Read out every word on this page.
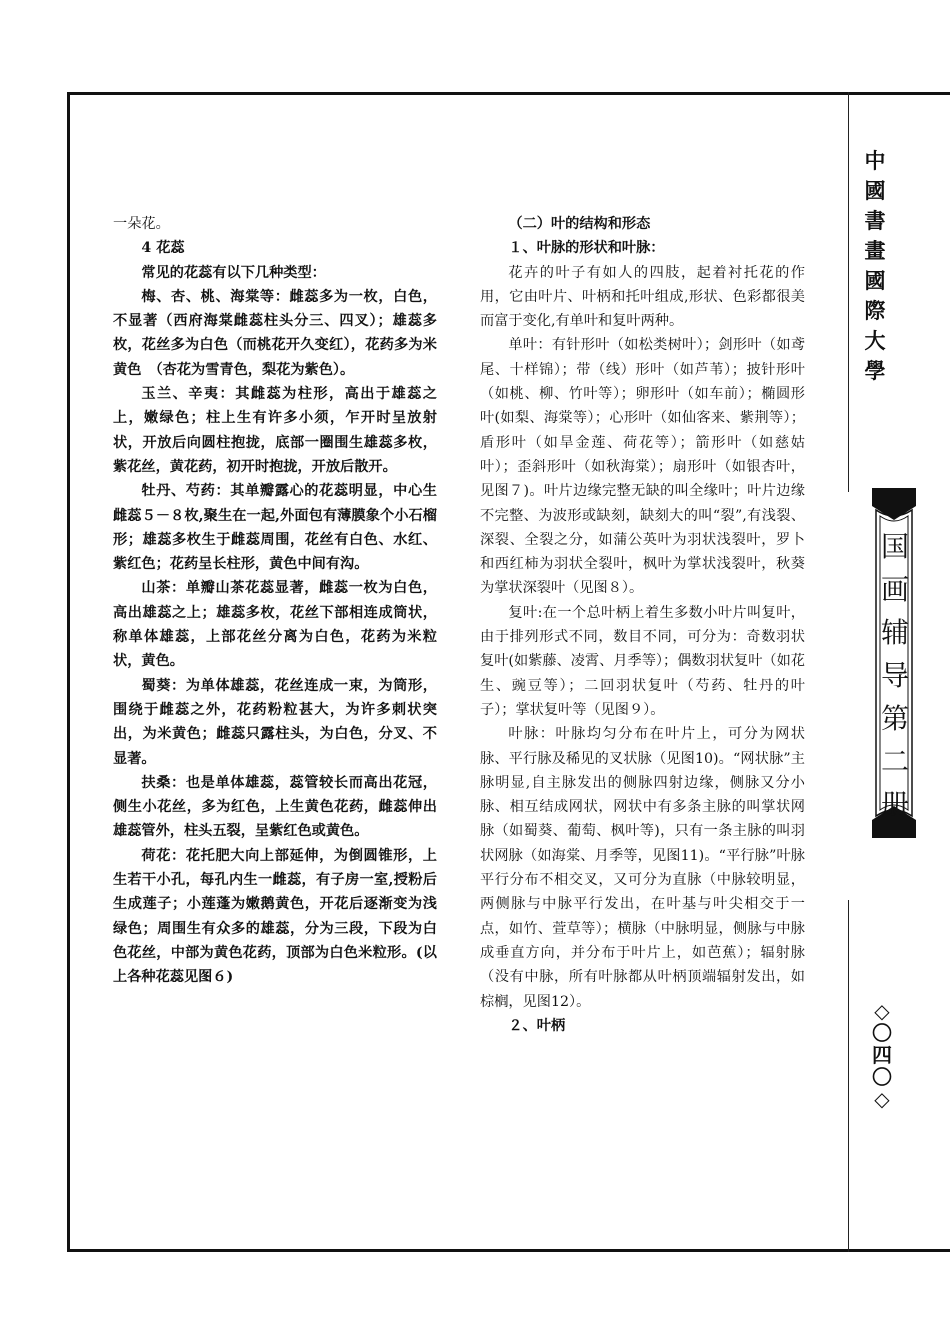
一朵花。

4 花蕊

常见的花蕊有以下几种类型：

梅、杏、桃、海棠等：雌蕊多为一枚，白色，不显著（西府海棠雌蕊柱头分三、四叉）；雄蕊多枚，花丝多为白色（而桃花开久变红），花药多为米黄色　（杏花为雪青色，梨花为紫色）。

玉兰、辛夷：其雌蕊为柱形，高出于雄蕊之上，嫩绿色；柱上生有许多小须，乍开时呈放射状，开放后向圆柱抱拢，底部一圈围生雄蕊多枚，紫花丝，黄花药，初开时抱拢，开放后散开。

牡丹、芍药：其单瓣露心的花蕊明显，中心生雌蕊５－８枚,聚生在一起,外面包有薄膜象个小石榴形；雄蕊多枚生于雌蕊周围，花丝有白色、水红、紫红色；花药呈长柱形，黄色中间有沟。

山茶：单瓣山茶花蕊显著，雌蕊一枚为白色，高出雄蕊之上；雄蕊多枚，花丝下部相连成筒状，称单体雄蕊，上部花丝分离为白色，花药为米粒状，黄色。

蜀葵：为单体雄蕊，花丝连成一束，为筒形，围绕于雌蕊之外，花药粉粒甚大，为许多刺状突出，为米黄色；雌蕊只露柱头，为白色，分叉、不显著。

扶桑：也是单体雄蕊，蕊管较长而高出花冠，侧生小花丝，多为红色，上生黄色花药，雌蕊伸出雄蕊管外，柱头五裂，呈紫红色或黄色。

荷花：花托肥大向上部延伸，为倒圆锥形，上生若干小孔，每孔内生一雌蕊，有子房一室,授粉后生成莲子；小莲蓬为嫩鹅黄色，开花后逐渐变为浅绿色；周围生有众多的雄蕊，分为三段，下段为白色花丝，中部为黄色花药，顶部为白色米粒形。(以上各种花蕊见图６)

（二）叶的结构和形态

１、叶脉的形状和叶脉：

花卉的叶子有如人的四肢，起着衬托花的作用，它由叶片、叶柄和托叶组成,形状、色彩都很美而富于变化,有单叶和复叶两种。

单叶：有针形叶（如松类树叶）；剑形叶（如鸢尾、十样锦）；带（线）形叶（如芦苇）；披针形叶（如桃、柳、竹叶等）；卵形叶（如车前）；椭圆形叶(如梨、海棠等）；心形叶（如仙客来、紫荆等）；盾形叶（如旱金莲、荷花等）；箭形叶（如慈姑叶）；歪斜形叶（如秋海棠）；扇形叶（如银杏叶，见图７)。叶片边缘完整无缺的叫全缘叶；叶片边缘不完整、为波形或缺刻，缺刻大的叫“裂”,有浅裂、深裂、全裂之分，如蒲公英叶为羽状浅裂叶，罗卜和西红柿为羽状全裂叶，枫叶为掌状浅裂叶，秋葵为掌状深裂叶（见图８）。

复叶:在一个总叶柄上着生多数小叶片叫复叶，由于排列形式不同，数目不同，可分为：奇数羽状复叶(如紫藤、凌霄、月季等）；偶数羽状复叶（如花生、豌豆等）；二回羽状复叶（芍药、牡丹的叶子）；掌状复叶等（见图９）。

叶脉：叶脉均匀分布在叶片上，可分为网状脉、平行脉及稀见的叉状脉（见图10)。“网状脉”主脉明显,自主脉发出的侧脉四射边缘，侧脉又分小脉、相互结成网状，网状中有多条主脉的叫掌状网脉（如蜀葵、葡萄、枫叶等)，只有一条主脉的叫羽状网脉（如海棠、月季等，见图11)。“平行脉”叶脉平行分布不相交叉，又可分为直脉（中脉较明显，两侧脉与中脉平行发出，在叶基与叶尖相交于一点，如竹、萱草等）；横脉（中脉明显，侧脉与中脉成垂直方向，并分布于叶片上，如芭蕉）；辐射脉（没有中脉，所有叶脉都从叶柄顶端辐射发出，如棕榈，见图12）。

２、叶柄

中
國
書
畫
國
際
大
學
国
画
辅
导
第
二
册
◇
〇
四
〇
◇
